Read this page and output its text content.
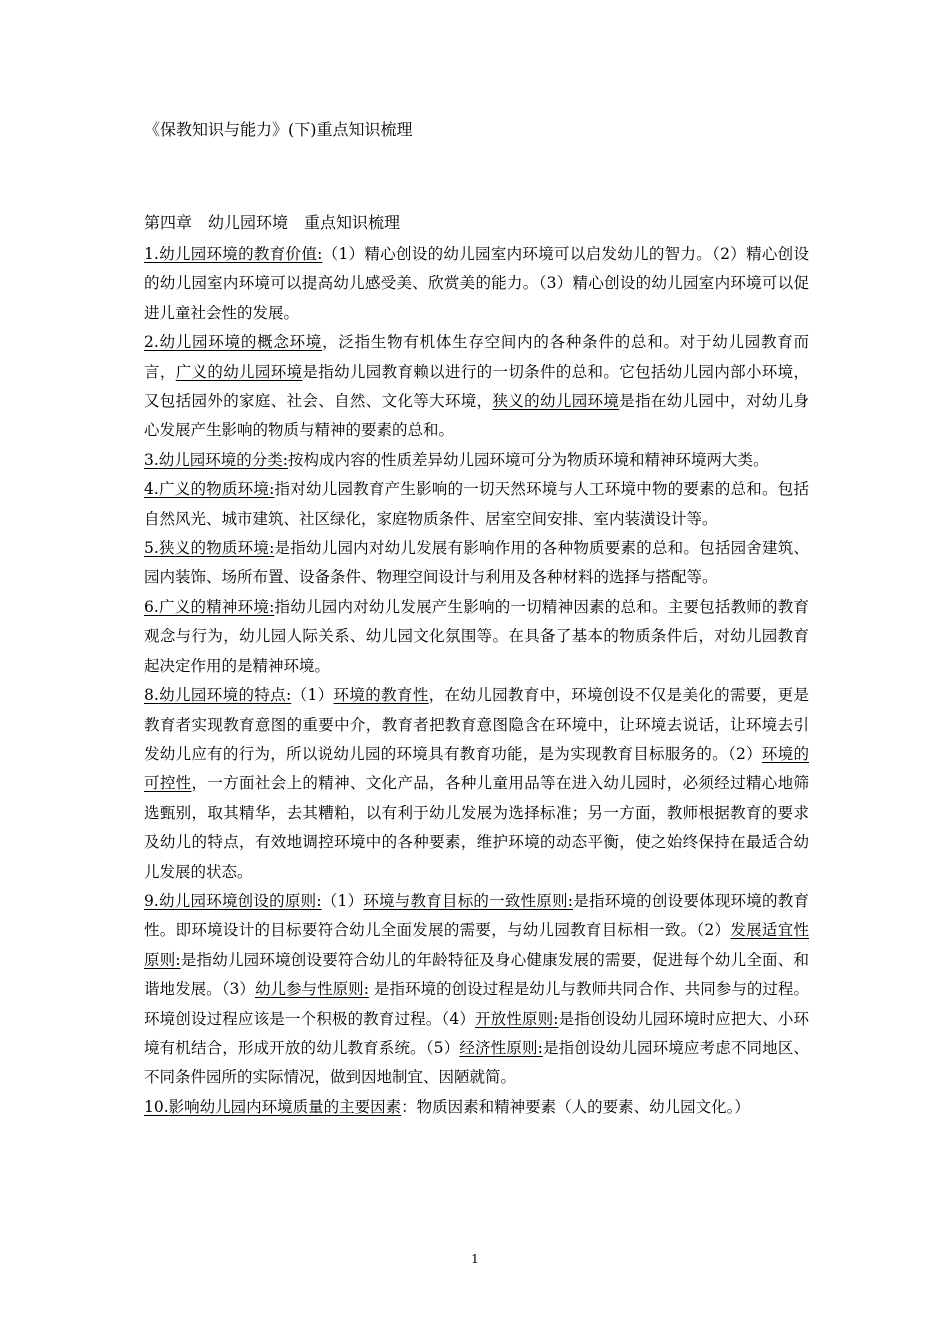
《保教知识与能力》(下)重点知识梳理
第四章　幼儿园环境　重点知识梳理

1.幼儿园环境的教育价值:（1）精心创设的幼儿园室内环境可以启发幼儿的智力。（2）精心创设的幼儿园室内环境可以提高幼儿感受美、欣赏美的能力。（3）精心创设的幼儿园室内环境可以促进儿童社会性的发展。

2.幼儿园环境的概念环境，泛指生物有机体生存空间内的各种条件的总和。对于幼儿园教育而言，广义的幼儿园环境是指幼儿园教育赖以进行的一切条件的总和。它包括幼儿园内部小环境，又包括园外的家庭、社会、自然、文化等大环境，狭义的幼儿园环境是指在幼儿园中，对幼儿身心发展产生影响的物质与精神的要素的总和。

3.幼儿园环境的分类:按构成内容的性质差异幼儿园环境可分为物质环境和精神环境两大类。

4.广义的物质环境:指对幼儿园教育产生影响的一切天然环境与人工环境中物的要素的总和。包括自然风光、城市建筑、社区绿化，家庭物质条件、居室空间安排、室内装潢设计等。

5.狭义的物质环境:是指幼儿园内对幼儿发展有影响作用的各种物质要素的总和。包括园舍建筑、园内装饰、场所布置、设备条件、物理空间设计与利用及各种材料的选择与搭配等。

6.广义的精神环境:指幼儿园内对幼儿发展产生影响的一切精神因素的总和。主要包括教师的教育观念与行为，幼儿园人际关系、幼儿园文化氛围等。在具备了基本的物质条件后，对幼儿园教育起决定作用的是精神环境。

8.幼儿园环境的特点:（1）环境的教育性，在幼儿园教育中，环境创设不仅是美化的需要，更是教育者实现教育意图的重要中介，教育者把教育意图隐含在环境中，让环境去说话，让环境去引发幼儿应有的行为，所以说幼儿园的环境具有教育功能，是为实现教育目标服务的。（2）环境的可控性，一方面社会上的精神、文化产品，各种儿童用品等在进入幼儿园时，必须经过精心地筛选甄别，取其精华，去其糟粕，以有利于幼儿发展为选择标准；另一方面，教师根据教育的要求及幼儿的特点，有效地调控环境中的各种要素，维护环境的动态平衡，使之始终保持在最适合幼儿发展的状态。

9.幼儿园环境创设的原则:（1）环境与教育目标的一致性原则:是指环境的创设要体现环境的教育性。即环境设计的目标要符合幼儿全面发展的需要，与幼儿园教育目标相一致。（2）发展适宜性原则:是指幼儿园环境创设要符合幼儿的年龄特征及身心健康发展的需要，促进每个幼儿全面、和谐地发展。（3）幼儿参与性原则: 是指环境的创设过程是幼儿与教师共同合作、共同参与的过程。环境创设过程应该是一个积极的教育过程。（4）开放性原则:是指创设幼儿园环境时应把大、小环境有机结合，形成开放的幼儿教育系统。（5）经济性原则:是指创设幼儿园环境应考虑不同地区、不同条件园所的实际情况，做到因地制宜、因陋就简。

10.影响幼儿园内环境质量的主要因素：物质因素和精神要素（人的要素、幼儿园文化。）

1
